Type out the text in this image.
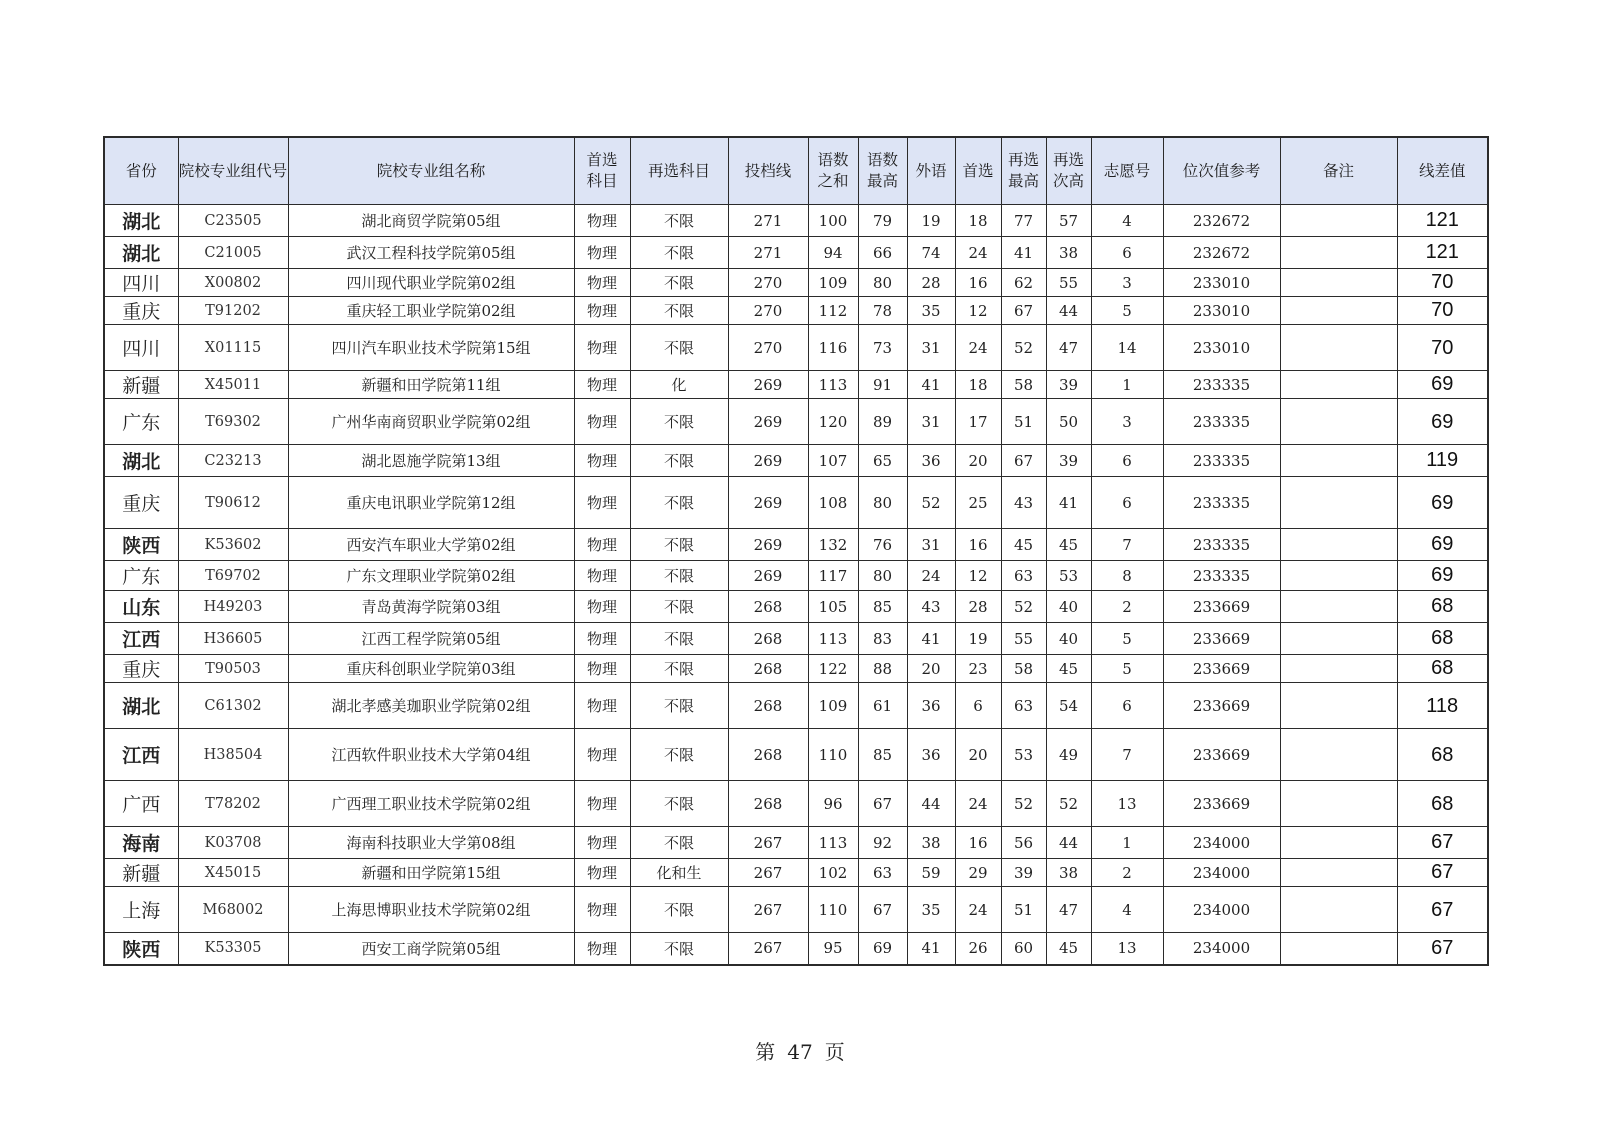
省份	院校专业组代号	院校专业组名称	首选科目	再选科目	投档线	语数之和	语数最高	外语	首选	再选最高	再选次高	志愿号	位次值参考	备注	线差值
湖北	C23505	湖北商贸学院第05组	物理	不限	271	100	79	19	18	77	57	4	232672		121
湖北	C21005	武汉工程科技学院第05组	物理	不限	271	94	66	74	24	41	38	6	232672		121
四川	X00802	四川现代职业学院第02组	物理	不限	270	109	80	28	16	62	55	3	233010		70
重庆	T91202	重庆轻工职业学院第02组	物理	不限	270	112	78	35	12	67	44	5	233010		70
四川	X01115	四川汽车职业技术学院第15组	物理	不限	270	116	73	31	24	52	47	14	233010		70
新疆	X45011	新疆和田学院第11组	物理	化	269	113	91	41	18	58	39	1	233335		69
广东	T69302	广州华南商贸职业学院第02组	物理	不限	269	120	89	31	17	51	50	3	233335		69
湖北	C23213	湖北恩施学院第13组	物理	不限	269	107	65	36	20	67	39	6	233335		119
重庆	T90612	重庆电讯职业学院第12组	物理	不限	269	108	80	52	25	43	41	6	233335		69
陕西	K53602	西安汽车职业大学第02组	物理	不限	269	132	76	31	16	45	45	7	233335		69
广东	T69702	广东文理职业学院第02组	物理	不限	269	117	80	24	12	63	53	8	233335		69
山东	H49203	青岛黄海学院第03组	物理	不限	268	105	85	43	28	52	40	2	233669		68
江西	H36605	江西工程学院第05组	物理	不限	268	113	83	41	19	55	40	5	233669		68
重庆	T90503	重庆科创职业学院第03组	物理	不限	268	122	88	20	23	58	45	5	233669		68
湖北	C61302	湖北孝感美珈职业学院第02组	物理	不限	268	109	61	36	6	63	54	6	233669		118
江西	H38504	江西软件职业技术大学第04组	物理	不限	268	110	85	36	20	53	49	7	233669		68
广西	T78202	广西理工职业技术学院第02组	物理	不限	268	96	67	44	24	52	52	13	233669		68
海南	K03708	海南科技职业大学第08组	物理	不限	267	113	92	38	16	56	44	1	234000		67
新疆	X45015	新疆和田学院第15组	物理	化和生	267	102	63	59	29	39	38	2	234000		67
上海	M68002	上海思博职业技术学院第02组	物理	不限	267	110	67	35	24	51	47	4	234000		67
陕西	K53305	西安工商学院第05组	物理	不限	267	95	69	41	26	60	45	13	234000		67
第 47 页
